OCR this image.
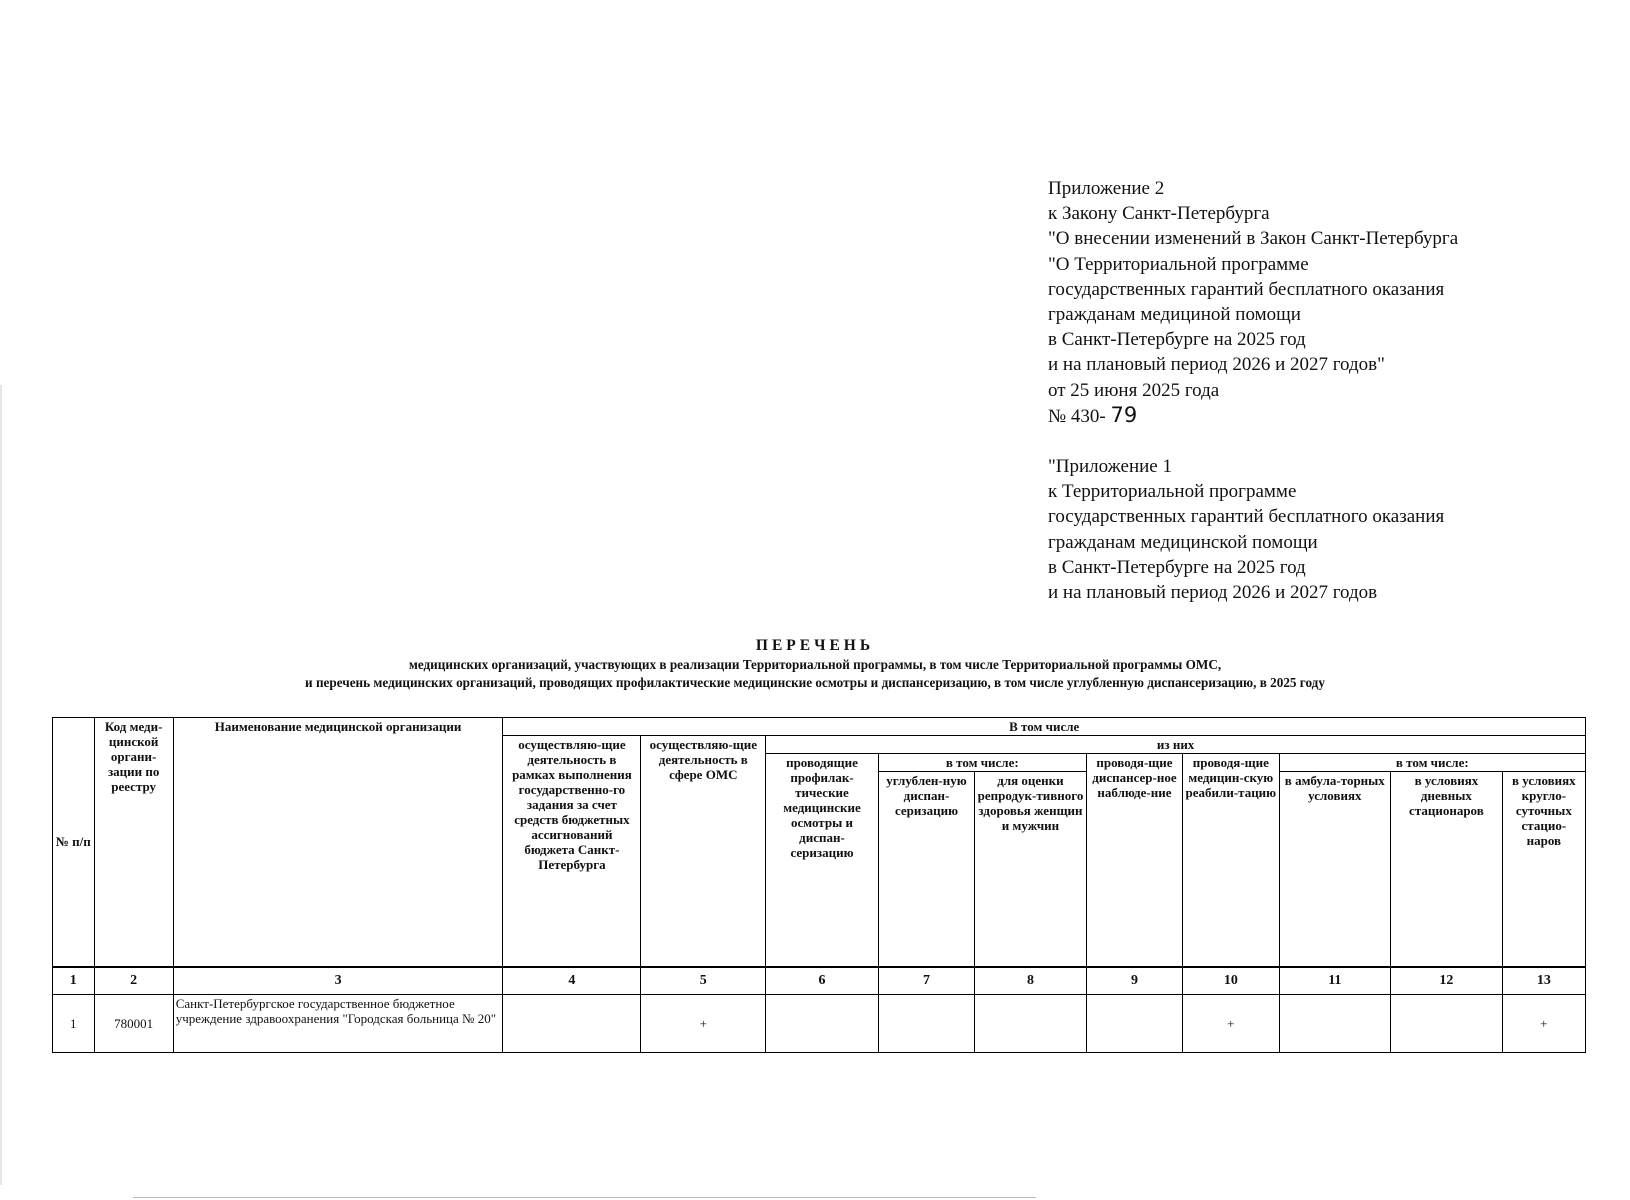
Приложение 2
к Закону Санкт-Петербурга
"О внесении изменений в Закон Санкт-Петербурга
"О Территориальной программе
государственных гарантий бесплатного оказания
гражданам медициной помощи
в Санкт-Петербурге на 2025 год
и на плановый период 2026 и 2027 годов"
от 25 июня 2025 года
№ 430- 79
"Приложение 1
к Территориальной программе
государственных гарантий бесплатного оказания
гражданам медицинской помощи
в Санкт-Петербурге на 2025 год
и на плановый период 2026 и 2027 годов
ПЕРЕЧЕНЬ
медицинских организаций, участвующих в реализации Территориальной программы, в том числе Территориальной программы ОМС,
и перечень медицинских организаций, проводящих профилактические медицинские осмотры и диспансеризацию, в том числе углубленную диспансеризацию, в 2025 году
№ п/п	Код меди-цинской органи-зации по реестру	Наименование медицинской организации	В том числе									
			осуществляю-щие деятельность в рамках выполнения государственно-го задания за счет средств бюджетных ассигнований бюджета Санкт-Петербурга	осуществляю-щие деятельность в сфере ОМС	из них							
					проводящие профилак-тические медицинские осмотры и диспан-серизацию	в том числе:		проводя-щие диспансер-ное наблюде-ние	проводя-щие медицин-скую реабили-тацию	в том числе:		
						углублен-ную диспан-серизацию	для оценки репродук-тивного здоровья женщин и мужчин			в амбула-торных условиях	в условиях дневных стационаров	в условиях кругло-суточных стацио-наров
1	2	3	4	5	6	7	8	9	10	11	12	13
1	780001	Санкт-Петербургское государственное бюджетное учреждение здравоохранения "Городская больница № 20"		+					+			+
